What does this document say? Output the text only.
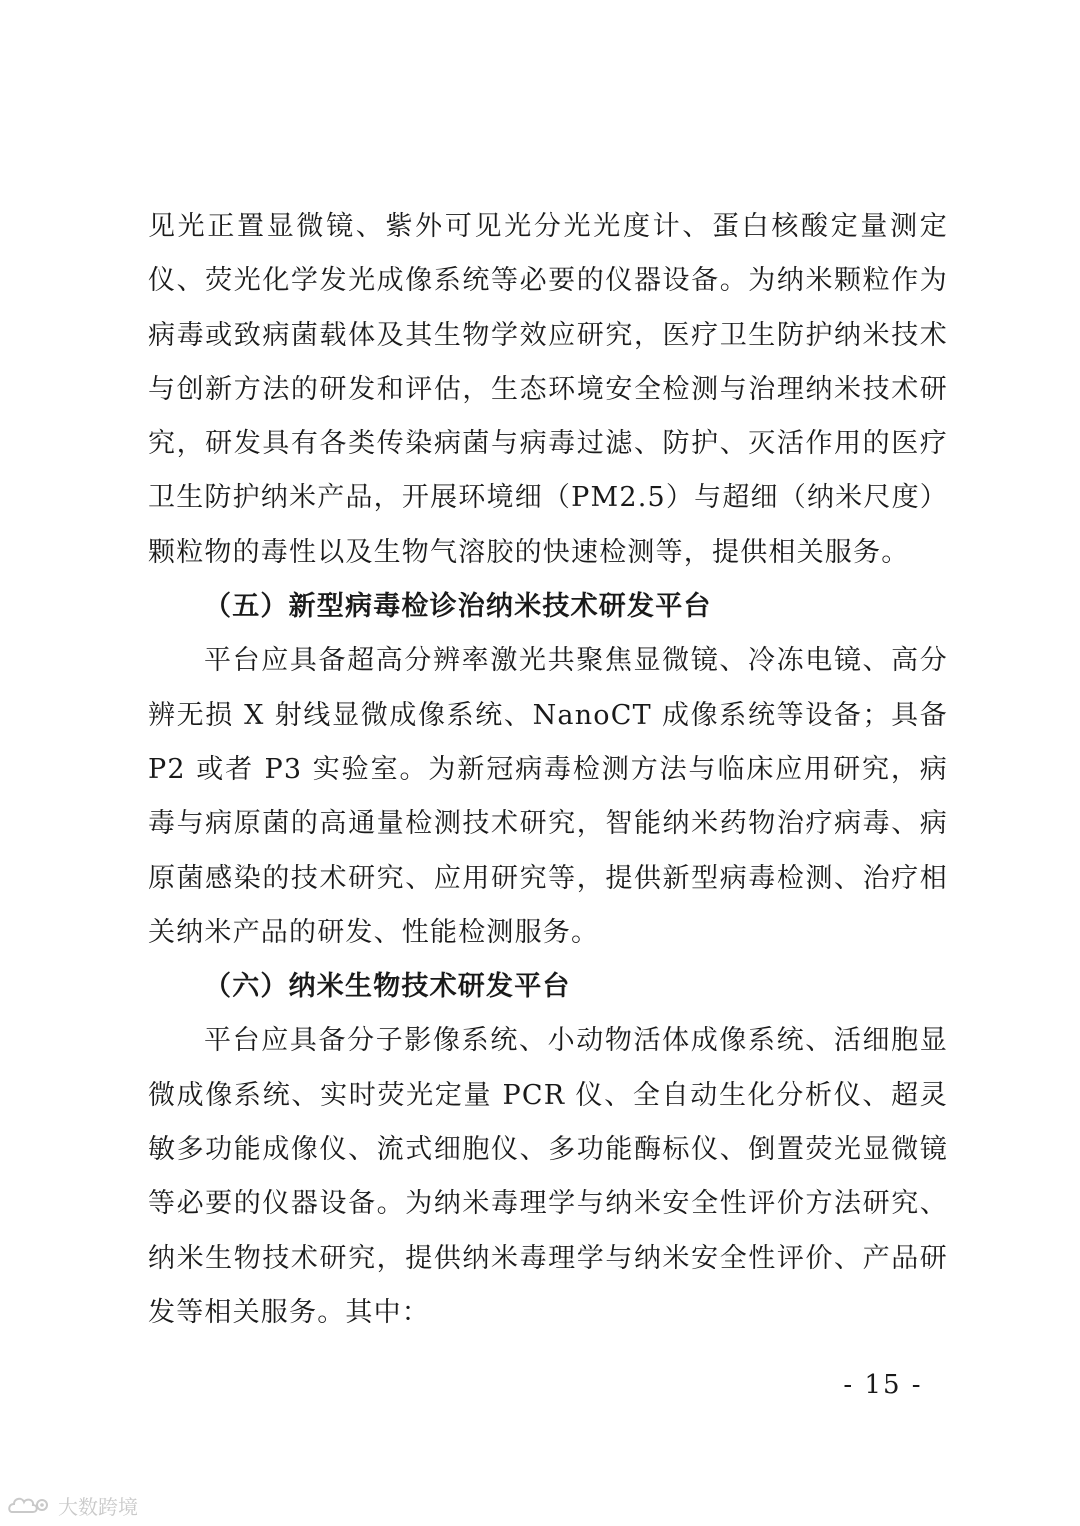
见光正置显微镜、紫外可见光分光光度计、蛋白核酸定量测定仪、荧光化学发光成像系统等必要的仪器设备。为纳米颗粒作为病毒或致病菌载体及其生物学效应研究，医疗卫生防护纳米技术与创新方法的研发和评估，生态环境安全检测与治理纳米技术研究，研发具有各类传染病菌与病毒过滤、防护、灭活作用的医疗卫生防护纳米产品，开展环境细（PM2.5）与超细（纳米尺度）颗粒物的毒性以及生物气溶胶的快速检测等，提供相关服务。

（五）新型病毒检诊治纳米技术研发平台

平台应具备超高分辨率激光共聚焦显微镜、冷冻电镜、高分辨无损 X 射线显微成像系统、NanoCT 成像系统等设备；具备 P2 或者 P3 实验室。为新冠病毒检测方法与临床应用研究，病毒与病原菌的高通量检测技术研究，智能纳米药物治疗病毒、病原菌感染的技术研究、应用研究等，提供新型病毒检测、治疗相关纳米产品的研发、性能检测服务。

（六）纳米生物技术研发平台

平台应具备分子影像系统、小动物活体成像系统、活细胞显微成像系统、实时荧光定量 PCR 仪、全自动生化分析仪、超灵敏多功能成像仪、流式细胞仪、多功能酶标仪、倒置荧光显微镜等必要的仪器设备。为纳米毒理学与纳米安全性评价方法研究、纳米生物技术研究，提供纳米毒理学与纳米安全性评价、产品研发等相关服务。其中：

- 15 -
大数跨境
